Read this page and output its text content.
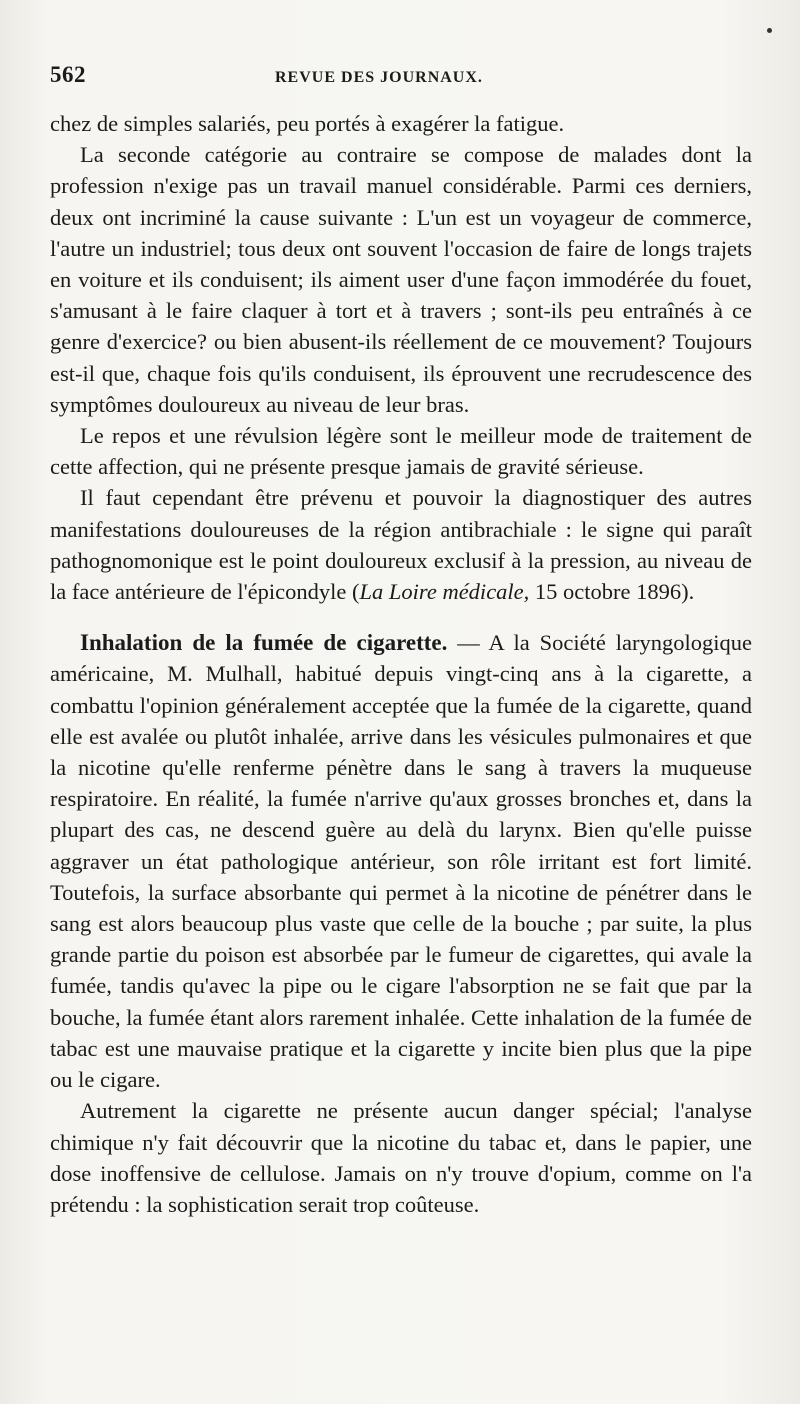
562	REVUE DES JOURNAUX.

chez de simples salariés, peu portés à exagérer la fatigue.

La seconde catégorie au contraire se compose de malades dont la profession n'exige pas un travail manuel considérable. Parmi ces derniers, deux ont incriminé la cause suivante : L'un est un voyageur de commerce, l'autre un industriel; tous deux ont souvent l'occasion de faire de longs trajets en voiture et ils conduisent; ils aiment user d'une façon immodérée du fouet, s'amusant à le faire claquer à tort et à travers ; sont-ils peu entraînés à ce genre d'exercice? ou bien abusent-ils réellement de ce mouvement? Toujours est-il que, chaque fois qu'ils conduisent, ils éprouvent une recrudescence des symptômes douloureux au niveau de leur bras.

Le repos et une révulsion légère sont le meilleur mode de traitement de cette affection, qui ne présente presque jamais de gravité sérieuse.

Il faut cependant être prévenu et pouvoir la diagnostiquer des autres manifestations douloureuses de la région antibrachiale : le signe qui paraît pathognomonique est le point douloureux exclusif à la pression, au niveau de la face antérieure de l'épicondyle (La Loire médicale, 15 octobre 1896).

Inhalation de la fumée de cigarette. — A la Société laryngologique américaine, M. Mulhall, habitué depuis vingt-cinq ans à la cigarette, a combattu l'opinion généralement acceptée que la fumée de la cigarette, quand elle est avalée ou plutôt inhalée, arrive dans les vésicules pulmonaires et que la nicotine qu'elle renferme pénètre dans le sang à travers la muqueuse respiratoire. En réalité, la fumée n'arrive qu'aux grosses bronches et, dans la plupart des cas, ne descend guère au delà du larynx. Bien qu'elle puisse aggraver un état pathologique antérieur, son rôle irritant est fort limité. Toutefois, la surface absorbante qui permet à la nicotine de pénétrer dans le sang est alors beaucoup plus vaste que celle de la bouche ; par suite, la plus grande partie du poison est absorbée par le fumeur de cigarettes, qui avale la fumée, tandis qu'avec la pipe ou le cigare l'absorption ne se fait que par la bouche, la fumée étant alors rarement inhalée. Cette inhalation de la fumée de tabac est une mauvaise pratique et la cigarette y incite bien plus que la pipe ou le cigare.

Autrement la cigarette ne présente aucun danger spécial; l'analyse chimique n'y fait découvrir que la nicotine du tabac et, dans le papier, une dose inoffensive de cellulose. Jamais on n'y trouve d'opium, comme on l'a prétendu : la sophistication serait trop coûteuse.
